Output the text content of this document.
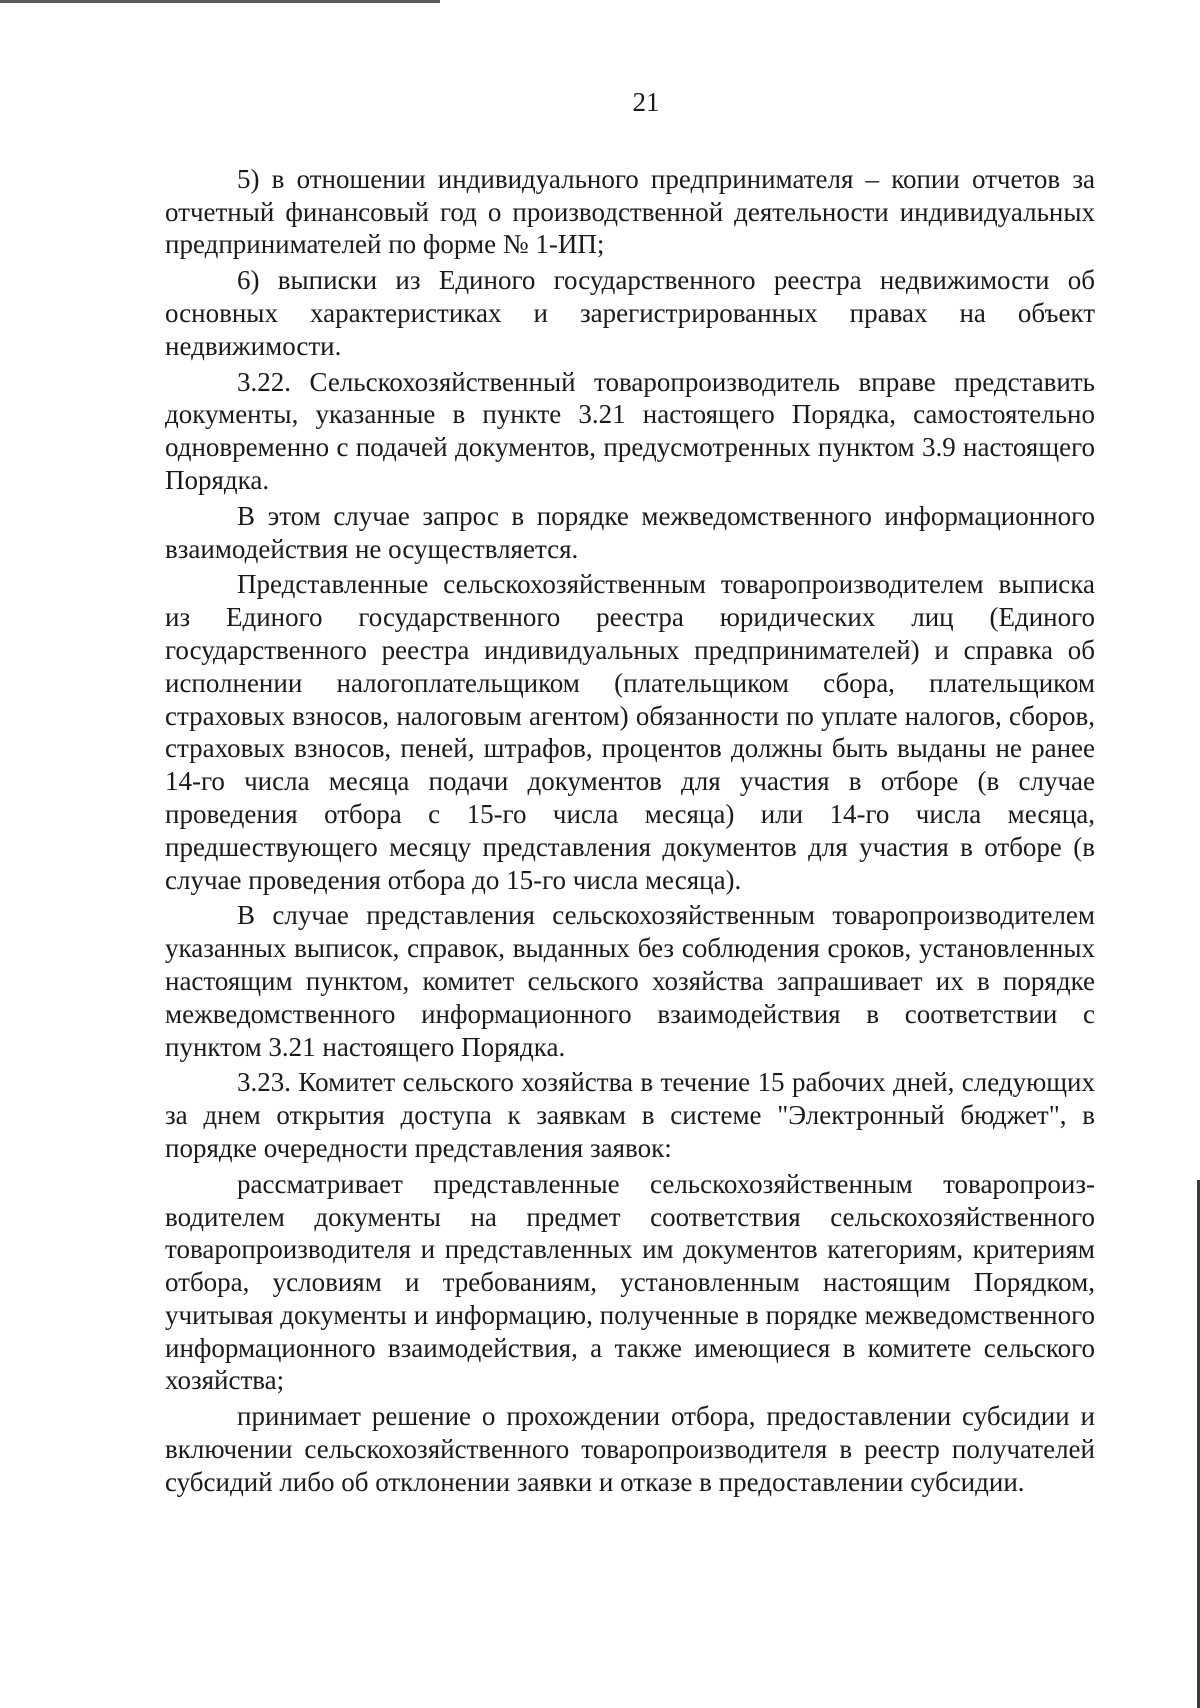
21

5) в отношении индивидуального предпринимателя – копии отчетов за отчетный финансовый год о производственной деятельности индивидуальных предпринимателей по форме № 1-ИП;

6) выписки из Единого государственного реестра недвижимости об основных характеристиках и зарегистрированных правах на объект недвижимости.

3.22. Сельскохозяйственный товаропроизводитель вправе представить документы, указанные в пункте 3.21 настоящего Порядка, самостоятельно одновременно с подачей документов, предусмотренных пунктом 3.9 настоящего Порядка.

В этом случае запрос в порядке межведомственного информационного взаимодействия не осуществляется.

Представленные сельскохозяйственным товаропроизводителем выписка из Единого государственного реестра юридических лиц (Единого государственного реестра индивидуальных предпринимателей) и справка об исполнении налогоплательщиком (плательщиком сбора, плательщиком страховых взносов, налоговым агентом) обязанности по уплате налогов, сборов, страховых взносов, пеней, штрафов, процентов должны быть выданы не ранее 14-го числа месяца подачи документов для участия в отборе (в случае проведения отбора с 15-го числа месяца) или 14-го числа месяца, предшествующего месяцу представления документов для участия в отборе (в случае проведения отбора до 15-го числа месяца).

В случае представления сельскохозяйственным товаропроизводителем указанных выписок, справок, выданных без соблюдения сроков, установленных настоящим пунктом, комитет сельского хозяйства запрашивает их в порядке межведомственного информационного взаимодействия в соответствии с пунктом 3.21 настоящего Порядка.

3.23. Комитет сельского хозяйства в течение 15 рабочих дней, следующих за днем открытия доступа к заявкам в системе "Электронный бюджет", в порядке очередности представления заявок:

рассматривает представленные сельскохозяйственным товаропроизводителем документы на предмет соответствия сельскохозяйственного товаропроизводителя и представленных им документов категориям, критериям отбора, условиям и требованиям, установленным настоящим Порядком, учитывая документы и информацию, полученные в порядке межведомственного информационного взаимодействия, а также имеющиеся в комитете сельского хозяйства;

принимает решение о прохождении отбора, предоставлении субсидии и включении сельскохозяйственного товаропроизводителя в реестр получателей субсидий либо об отклонении заявки и отказе в предоставлении субсидии.
